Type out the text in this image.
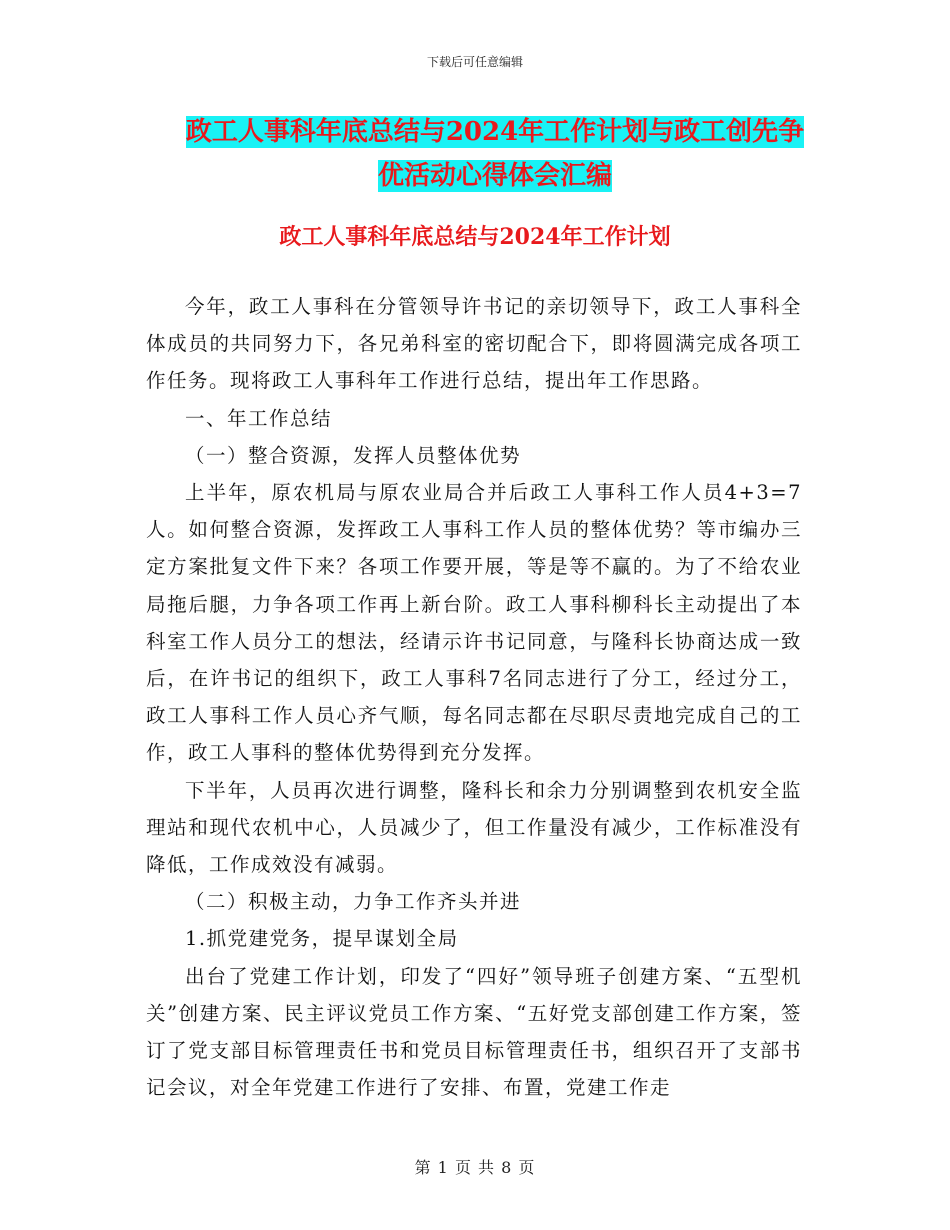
下载后可任意编辑
政工人事科年底总结与2024年工作计划与政工创先争
优活动心得体会汇编
政工人事科年底总结与2024年工作计划

今年，政工人事科在分管领导许书记的亲切领导下，政工人事科全体成员的共同努力下，各兄弟科室的密切配合下，即将圆满完成各项工作任务。现将政工人事科年工作进行总结，提出年工作思路。

一、年工作总结

（一）整合资源，发挥人员整体优势

上半年，原农机局与原农业局合并后政工人事科工作人员4+3=7人。如何整合资源，发挥政工人事科工作人员的整体优势？等市编办三定方案批复文件下来？各项工作要开展，等是等不赢的。为了不给农业局拖后腿，力争各项工作再上新台阶。政工人事科柳科长主动提出了本科室工作人员分工的想法，经请示许书记同意，与隆科长协商达成一致后，在许书记的组织下，政工人事科7名同志进行了分工，经过分工，政工人事科工作人员心齐气顺，每名同志都在尽职尽责地完成自己的工作，政工人事科的整体优势得到充分发挥。

下半年，人员再次进行调整，隆科长和余力分别调整到农机安全监理站和现代农机中心，人员减少了，但工作量没有减少，工作标准没有降低，工作成效没有减弱。

（二）积极主动，力争工作齐头并进

1.抓党建党务，提早谋划全局

出台了党建工作计划，印发了“四好”领导班子创建方案、“五型机关”创建方案、民主评议党员工作方案、“五好党支部创建工作方案，签订了党支部目标管理责任书和党员目标管理责任书，组织召开了支部书记会议，对全年党建工作进行了安排、布置，党建工作走

第 1 页 共 8 页
